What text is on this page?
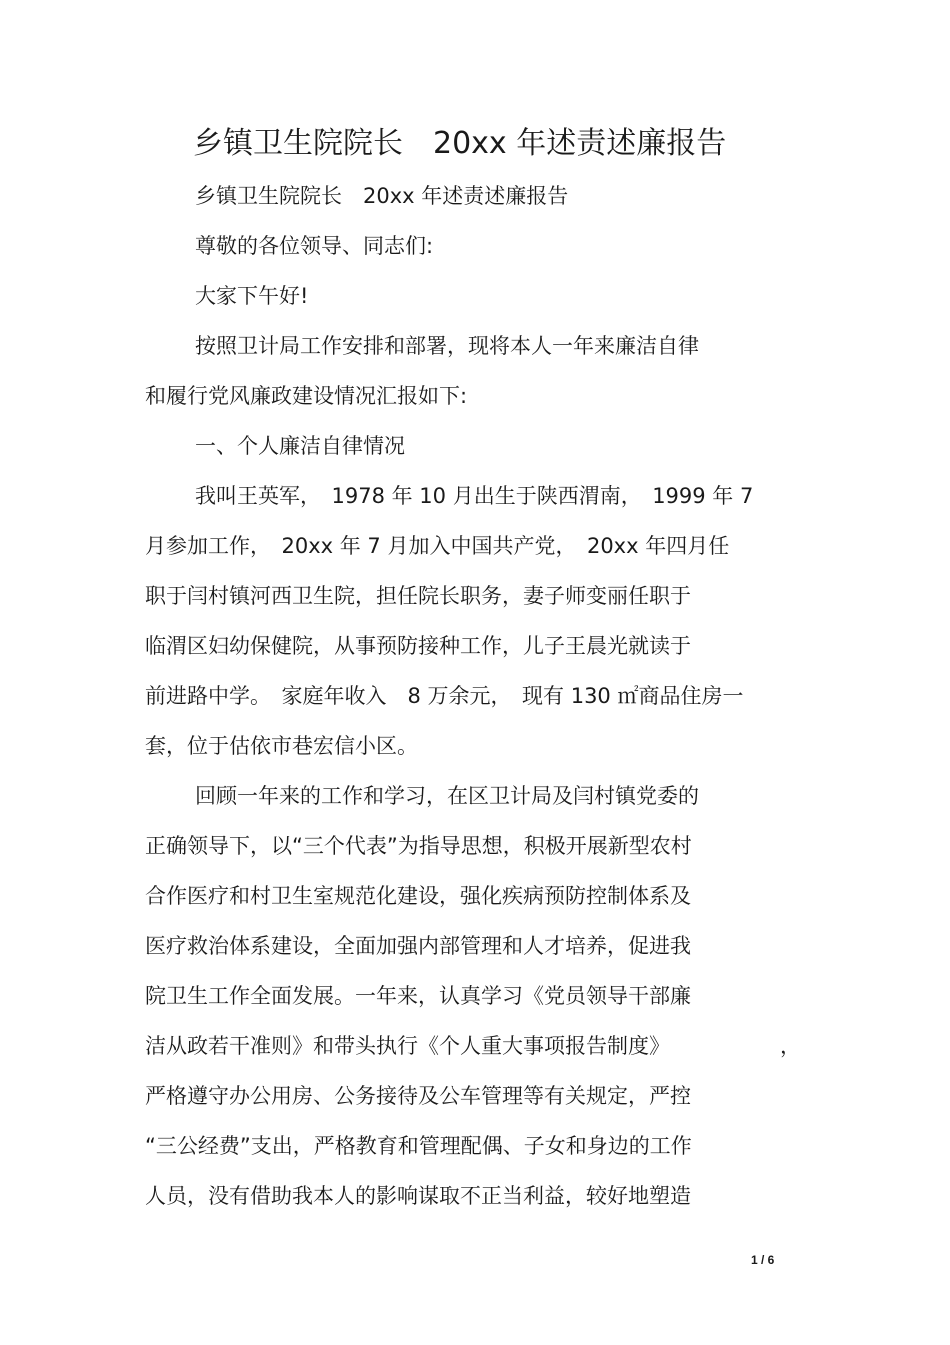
乡镇卫生院院长　20xx 年述责述廉报告
乡镇卫生院院长　20xx 年述责述廉报告
尊敬的各位领导、同志们:
大家下午好!
按照卫计局工作安排和部署，现将本人一年来廉洁自律
和履行党风廉政建设情况汇报如下:
一、个人廉洁自律情况
我叫王英军，　1978 年 10 月出生于陕西渭南，　1999 年 7
月参加工作，　20xx 年 7 月加入中国共产党，　20xx 年四月任
职于闫村镇河西卫生院，担任院长职务，妻子师变丽任职于
临渭区妇幼保健院，从事预防接种工作，儿子王晨光就读于
前进路中学。　家庭年收入　8 万余元，　现有 130 ㎡商品住房一
套，位于估依市巷宏信小区。
回顾一年来的工作和学习，在区卫计局及闫村镇党委的
正确领导下，以“三个代表”为指导思想，积极开展新型农村
合作医疗和村卫生室规范化建设，强化疾病预防控制体系及
医疗救治体系建设，全面加强内部管理和人才培养，促进我
院卫生工作全面发展。一年来，认真学习《党员领导干部廉
洁从政若干准则》和带头执行《个人重大事项报告制度》	，
严格遵守办公用房、公务接待及公车管理等有关规定，严控
“三公经费”支出，严格教育和管理配偶、子女和身边的工作
人员，没有借助我本人的影响谋取不正当利益，较好地塑造
1 / 6
